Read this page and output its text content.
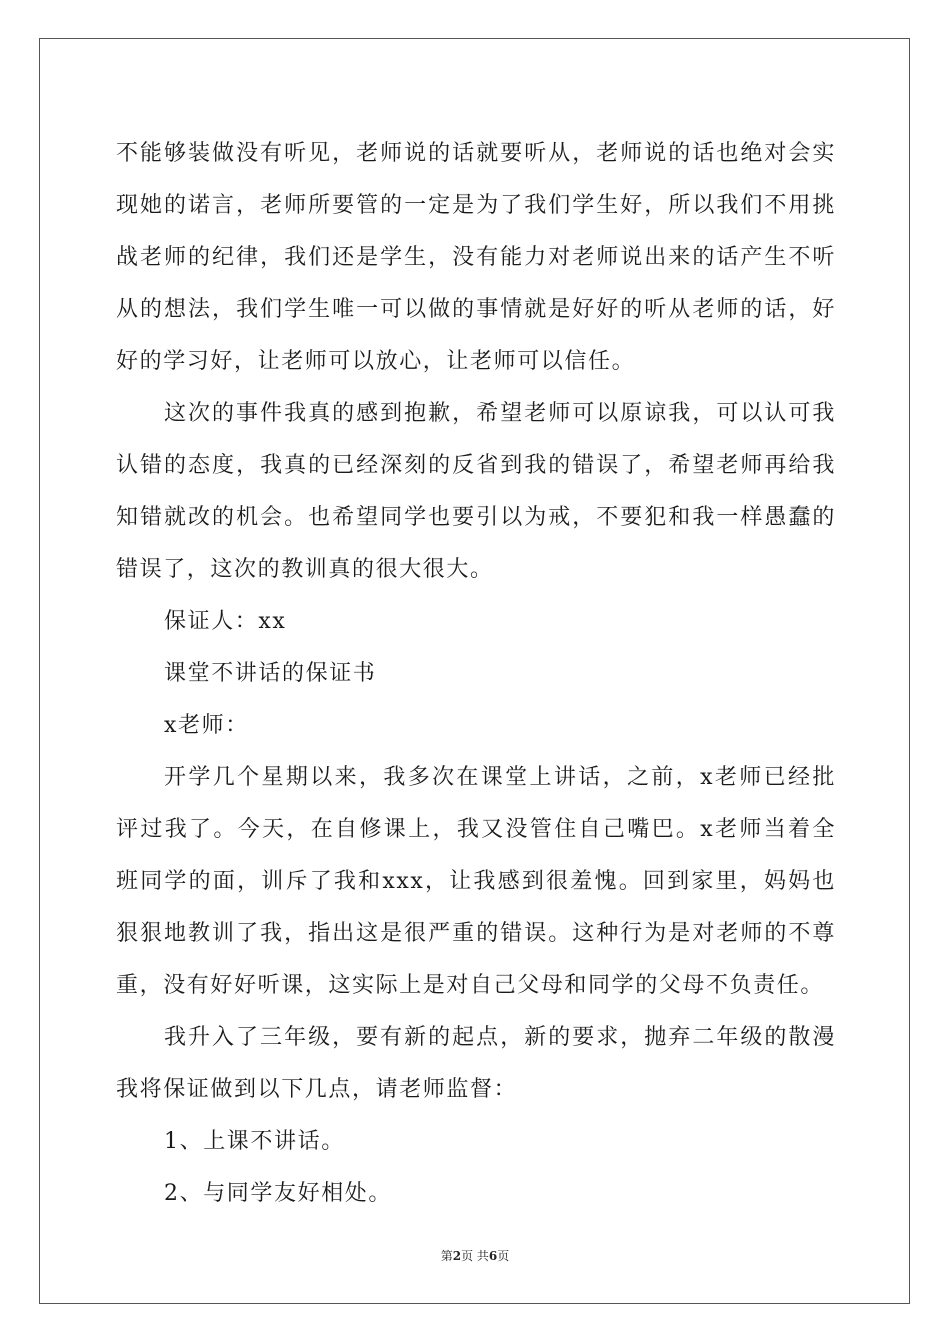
不能够装做没有听见，老师说的话就要听从，老师说的话也绝对会实现她的诺言，老师所要管的一定是为了我们学生好，所以我们不用挑战老师的纪律，我们还是学生，没有能力对老师说出来的话产生不听从的想法，我们学生唯一可以做的事情就是好好的听从老师的话，好好的学习好，让老师可以放心，让老师可以信任。

这次的事件我真的感到抱歉，希望老师可以原谅我，可以认可我认错的态度，我真的已经深刻的反省到我的错误了，希望老师再给我知错就改的机会。也希望同学也要引以为戒，不要犯和我一样愚蠢的错误了，这次的教训真的很大很大。

保证人：xx

课堂不讲话的保证书

x老师：

开学几个星期以来，我多次在课堂上讲话，之前，x老师已经批评过我了。今天，在自修课上，我又没管住自己嘴巴。x老师当着全班同学的面，训斥了我和xxx，让我感到很羞愧。回到家里，妈妈也狠狠地教训了我，指出这是很严重的错误。这种行为是对老师的不尊重，没有好好听课，这实际上是对自己父母和同学的父母不负责任。

我升入了三年级，要有新的起点，新的要求，抛弃二年级的散漫我将保证做到以下几点，请老师监督：

1、上课不讲话。

2、与同学友好相处。

第2页 共6页
